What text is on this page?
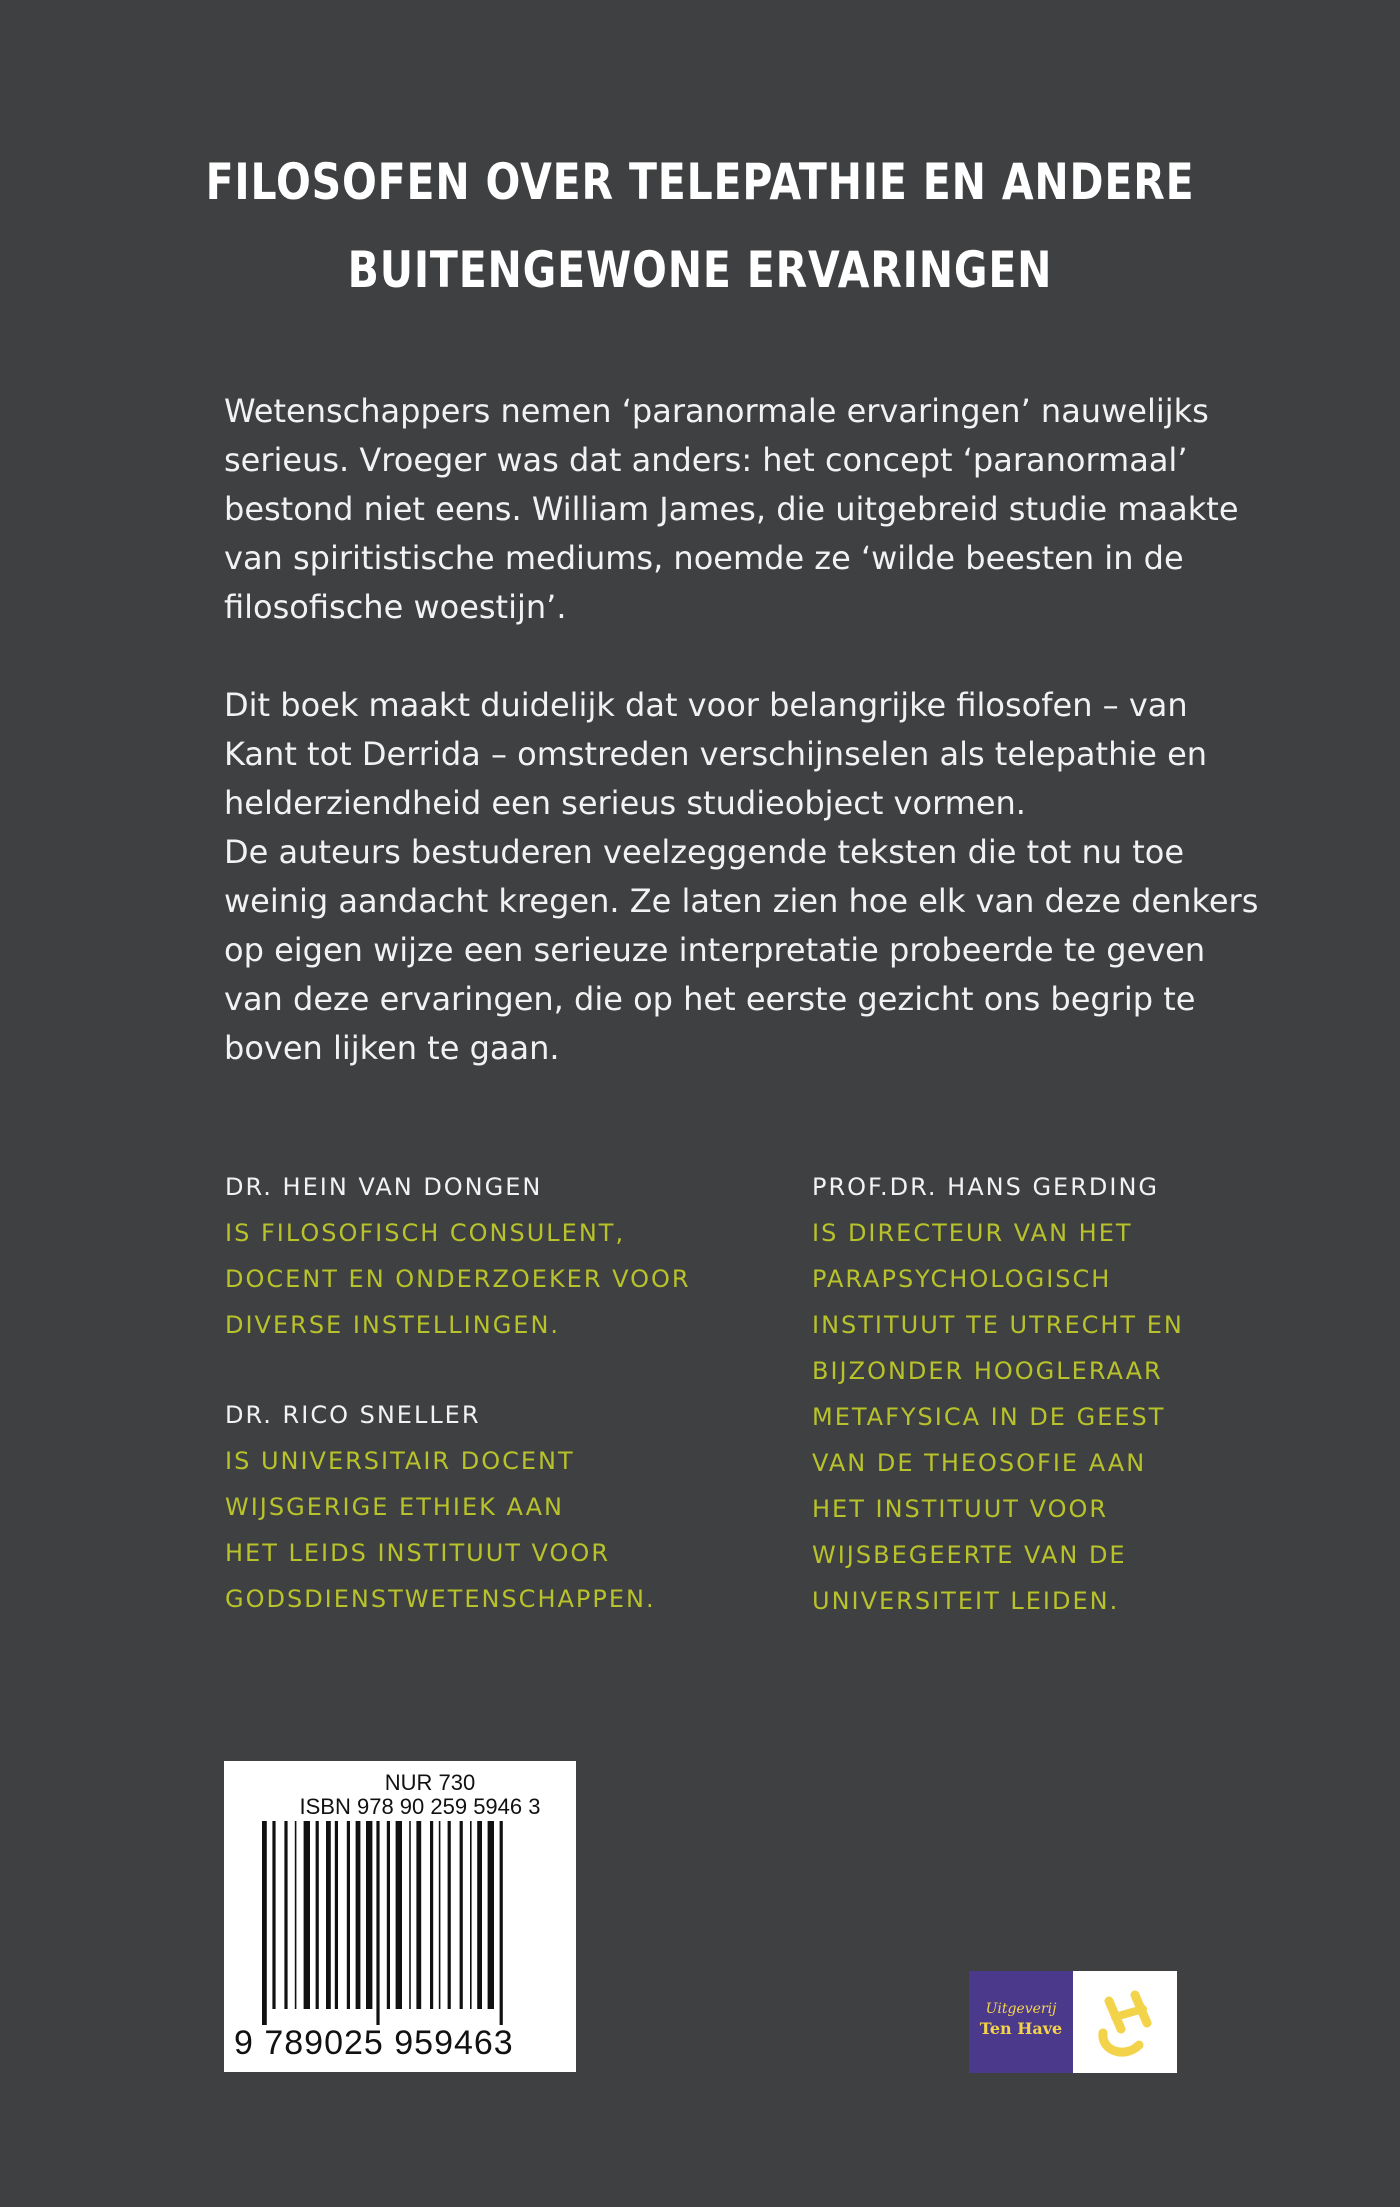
FILOSOFEN OVER TELEPATHIE EN ANDERE
BUITENGEWONE ERVARINGEN
Wetenschappers nemen ‘paranormale ervaringen’ nauwelijks
serieus. Vroeger was dat anders: het concept ‘paranormaal’
bestond niet eens. William James, die uitgebreid studie maakte
van spiritistische mediums, noemde ze ‘wilde beesten in de
filosofische woestijn’.
Dit boek maakt duidelijk dat voor belangrijke filosofen – van
Kant tot Derrida – omstreden verschijnselen als telepathie en
helderziendheid een serieus studieobject vormen.
De auteurs bestuderen veelzeggende teksten die tot nu toe
weinig aandacht kregen. Ze laten zien hoe elk van deze denkers
op eigen wijze een serieuze interpretatie probeerde te geven
van deze ervaringen, die op het eerste gezicht ons begrip te
boven lijken te gaan.
DR. HEIN VAN DONGEN
IS FILOSOFISCH CONSULENT,
DOCENT EN ONDERZOEKER VOOR
DIVERSE INSTELLINGEN.
DR. RICO SNELLER
IS UNIVERSITAIR DOCENT
WIJSGERIGE ETHIEK AAN
HET LEIDS INSTITUUT VOOR
GODSDIENSTWETENSCHAPPEN.
PROF.DR. HANS GERDING
IS DIRECTEUR VAN HET
PARAPSYCHOLOGISCH
INSTITUUT TE UTRECHT EN
BIJZONDER HOOGLERAAR
METAFYSICA IN DE GEEST
VAN DE THEOSOFIE AAN
HET INSTITUUT VOOR
WIJSBEGEERTE VAN DE
UNIVERSITEIT LEIDEN.
NUR 730
ISBN 978 90 259 5946 3
9 789025 959463
Uitgeverij
Ten Have
